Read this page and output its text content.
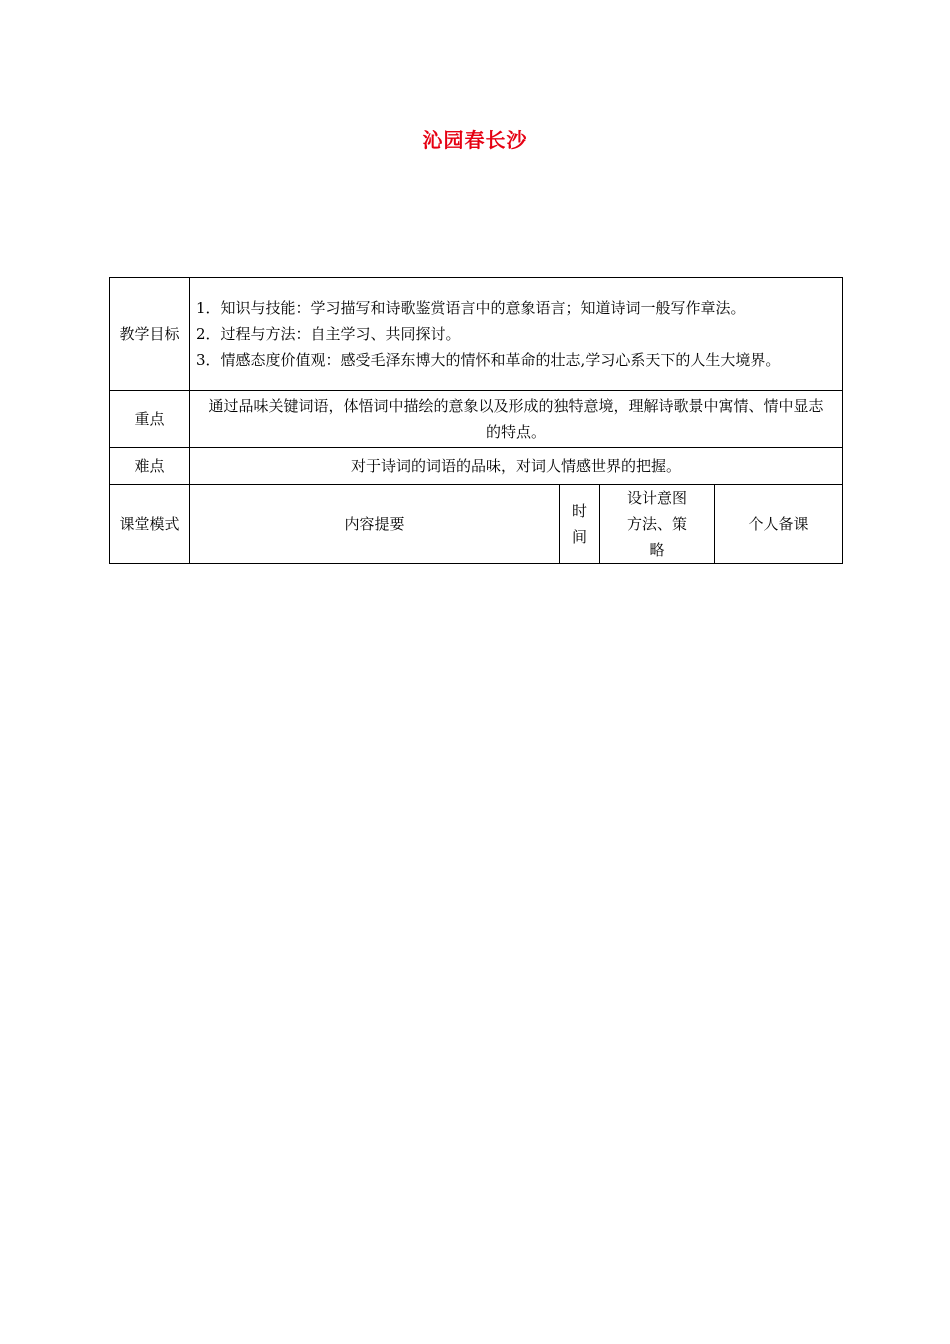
沁园春长沙
教学目标	1．知识与技能：学习描写和诗歌鉴赏语言中的意象语言；知道诗词一般写作章法。

2．过程与方法：自主学习、共同探讨。

3．情感态度价值观：感受毛泽东博大的情怀和革命的壮志,学习心系天下的人生大境界。			

重点	通过品味关键词语，体悟词中描绘的意象以及形成的独特意境，理解诗歌景中寓情、情中显志的特点。			
难点	对于诗词的词语的品味，对词人情感世界的把握。			
课堂模式	内容提要	时间	设计意图方法、策略	个人备课
